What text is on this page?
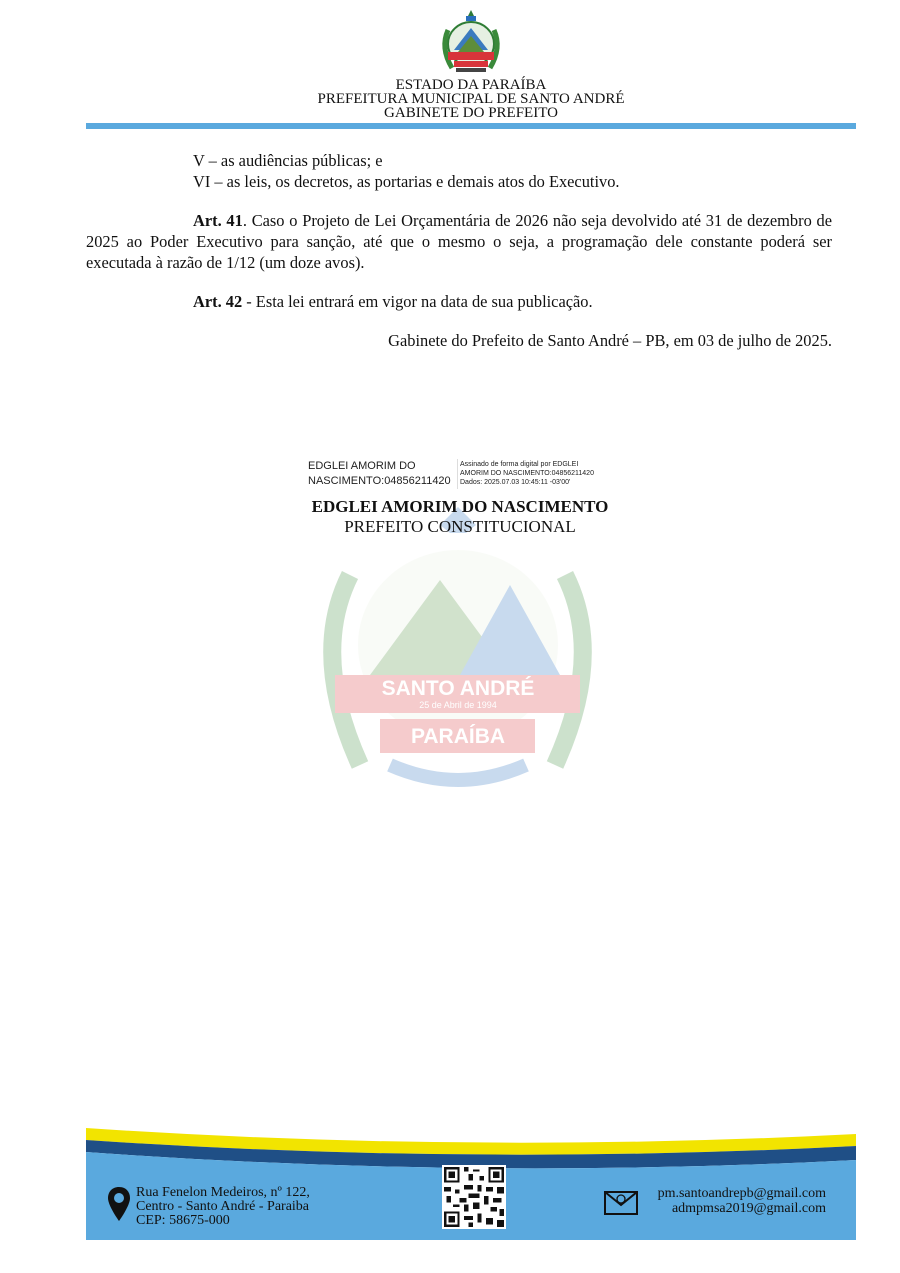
ESTADO DA PARAÍBA
PREFEITURA MUNICIPAL DE SANTO ANDRÉ
GABINETE DO PREFEITO
SANTO ANDRÉ
25 de Abril de 1994
PARAÍBA
V – as audiências públicas; e
VI – as leis, os decretos, as portarias e demais atos do Executivo.

Art. 41. Caso o Projeto de Lei Orçamentária de 2026 não seja devolvido até 31 de dezembro de 2025 ao Poder Executivo para sanção, até que o mesmo o seja, a programação dele constante poderá ser executada à razão de 1/12 (um doze avos).

Art. 42 - Esta lei entrará em vigor na data de sua publicação.

Gabinete do Prefeito de Santo André – PB, em 03 de julho de 2025.
EDGLEI AMORIM DO
NASCIMENTO:04856211420
Assinado de forma digital por EDGLEI
AMORIM DO NASCIMENTO:04856211420
Dados: 2025.07.03 10:45:11 -03'00'
EDGLEI AMORIM DO NASCIMENTO
PREFEITO CONSTITUCIONAL
Rua Fenelon Medeiros, nº 122,
Centro - Santo André - Paraiba
CEP: 58675-000
pm.santoandrepb@gmail.com
admpmsa2019@gmail.com
